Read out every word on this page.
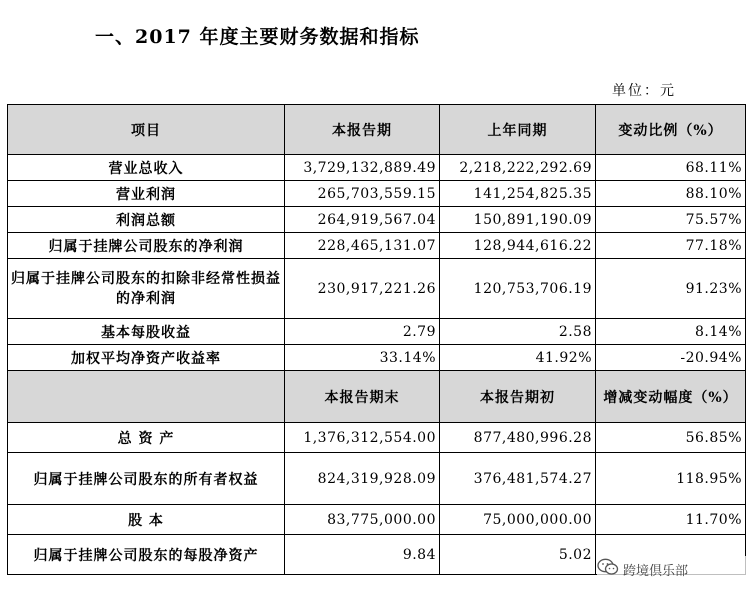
一、2017 年度主要财务数据和指标
单位：元
项目	本报告期	上年同期	变动比例（%）
营业总收入	3,729,132,889.49	2,218,222,292.69	68.11%
营业利润	265,703,559.15	141,254,825.35	88.10%
利润总额	264,919,567.04	150,891,190.09	75.57%
归属于挂牌公司股东的净利润	228,465,131.07	128,944,616.22	77.18%
归属于挂牌公司股东的扣除非经常性损益的净利润	230,917,221.26	120,753,706.19	91.23%
基本每股收益	2.79	2.58	8.14%
加权平均净资产收益率	33.14%	41.92%	-20.94%
	本报告期末	本报告期初	增减变动幅度（%）
总 资 产	1,376,312,554.00	877,480,996.28	56.85%
归属于挂牌公司股东的所有者权益	824,319,928.09	376,481,574.27	118.95%
股 本	83,775,000.00	75,000,000.00	11.70%
归属于挂牌公司股东的每股净资产	9.84	5.02	
跨境倶乐部
